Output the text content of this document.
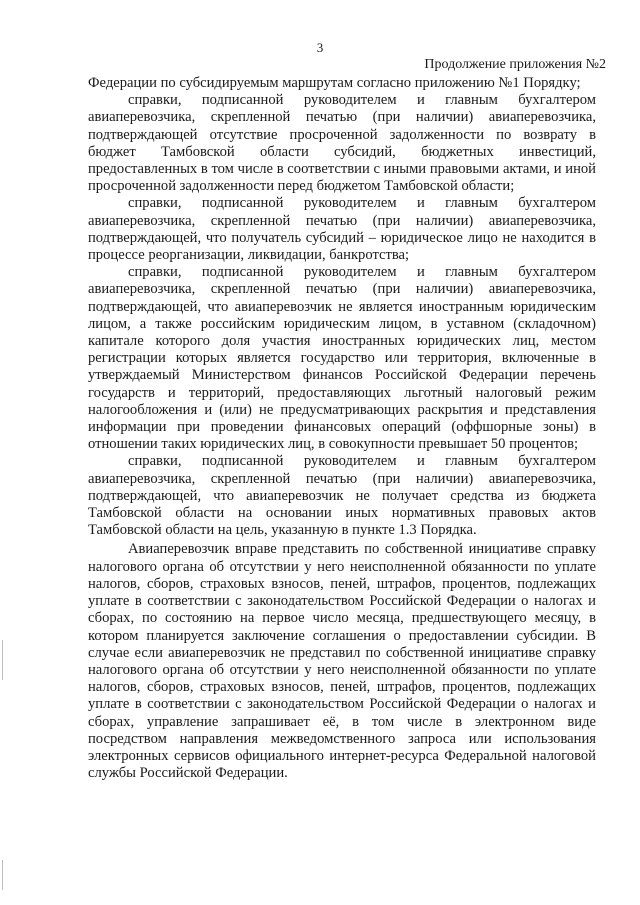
3
Продолжение приложения №2

Федерации по субсидируемым маршрутам согласно приложению №1 Порядку;

справки, подписанной руководителем и главным бухгалтером авиаперевозчика, скрепленной печатью (при наличии) авиаперевозчика, подтверждающей отсутствие просроченной задолженности по возврату в бюджет Тамбовской области субсидий, бюджетных инвестиций, предоставленных в том числе в соответствии с иными правовыми актами, и иной просроченной задолженности перед бюджетом Тамбовской области;

справки, подписанной руководителем и главным бухгалтером авиаперевозчика, скрепленной печатью (при наличии) авиаперевозчика, подтверждающей, что получатель субсидий – юридическое лицо не находится в процессе реорганизации, ликвидации, банкротства;

справки, подписанной руководителем и главным бухгалтером авиаперевозчика, скрепленной печатью (при наличии) авиаперевозчика, подтверждающей, что авиаперевозчик не является иностранным юридическим лицом, а также российским юридическим лицом, в уставном (складочном) капитале которого доля участия иностранных юридических лиц, местом регистрации которых является государство или территория, включенные в утверждаемый Министерством финансов Российской Федерации перечень государств и территорий, предоставляющих льготный налоговый режим налогообложения и (или) не предусматривающих раскрытия и представления информации при проведении финансовых операций (оффшорные зоны) в отношении таких юридических лиц, в совокупности превышает 50 процентов;

справки, подписанной руководителем и главным бухгалтером авиаперевозчика, скрепленной печатью (при наличии) авиаперевозчика, подтверждающей, что авиаперевозчик не получает средства из бюджета Тамбовской области на основании иных нормативных правовых актов Тамбовской области на цель, указанную в пункте 1.3 Порядка.

Авиаперевозчик вправе представить по собственной инициативе справку налогового органа об отсутствии у него неисполненной обязанности по уплате налогов, сборов, страховых взносов, пеней, штрафов, процентов, подлежащих уплате в соответствии с законодательством Российской Федерации о налогах и сборах, по состоянию на первое число месяца, предшествующего месяцу, в котором планируется заключение соглашения о предоставлении субсидии. В случае если авиаперевозчик не представил по собственной инициативе справку налогового органа об отсутствии у него неисполненной обязанности по уплате налогов, сборов, страховых взносов, пеней, штрафов, процентов, подлежащих уплате в соответствии с законодательством Российской Федерации о налогах и сборах, управление запрашивает её, в том числе в электронном виде посредством направления межведомственного запроса или использования электронных сервисов официального интернет-ресурса Федеральной налоговой службы Российской Федерации.
